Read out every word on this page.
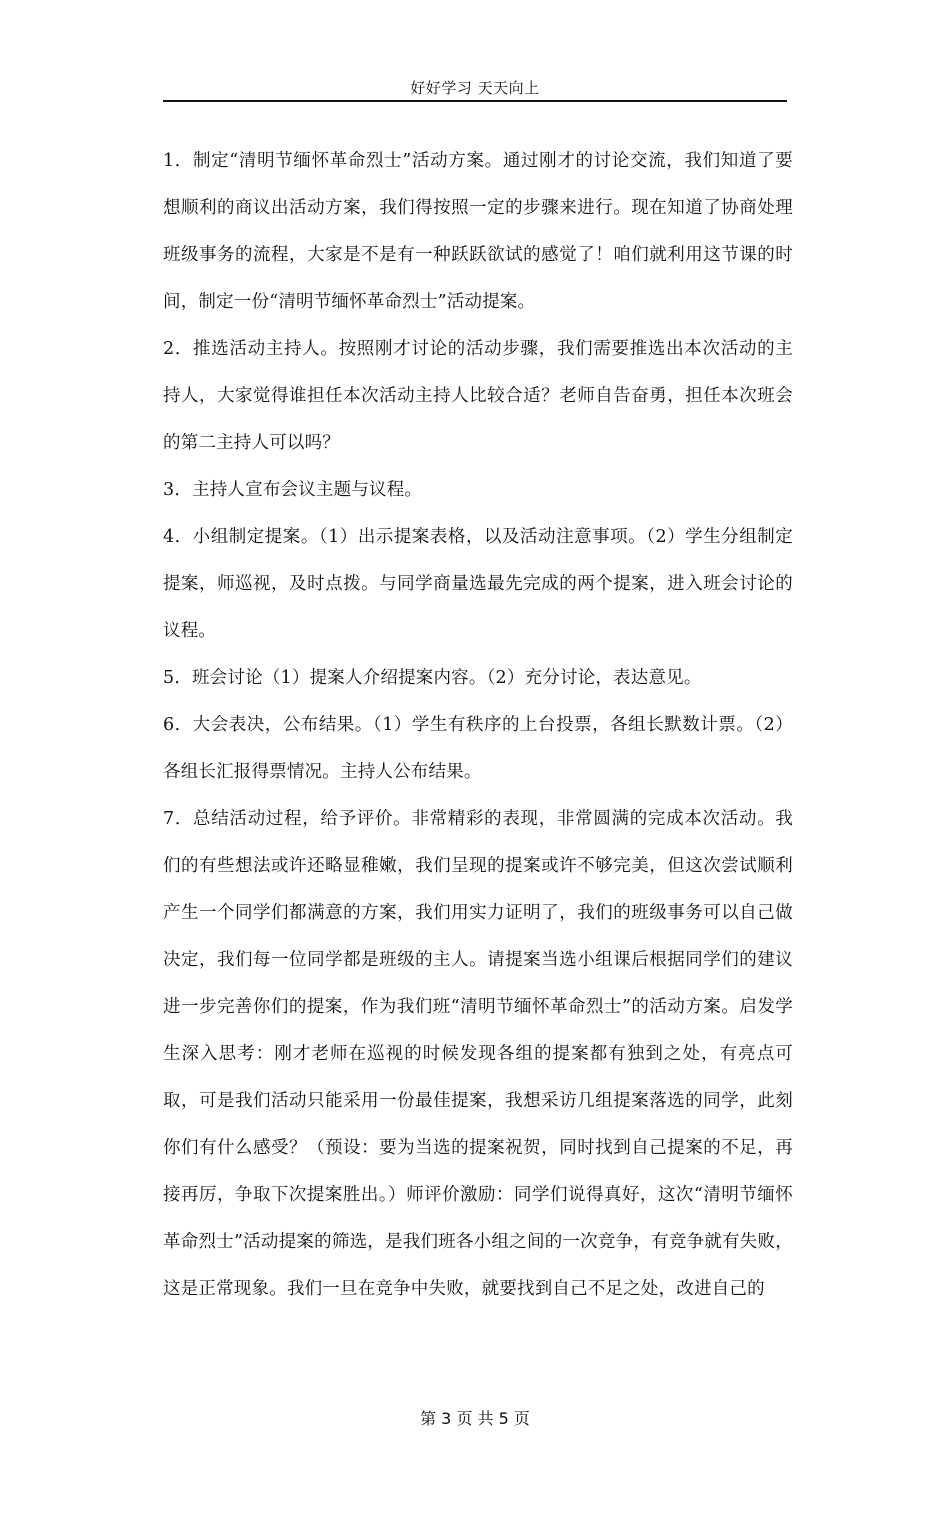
好好学习 天天向上

1．制定“清明节缅怀革命烈士”活动方案。通过刚才的讨论交流，我们知道了要想顺利的商议出活动方案，我们得按照一定的步骤来进行。现在知道了协商处理班级事务的流程，大家是不是有一种跃跃欲试的感觉了！咱们就利用这节课的时间，制定一份“清明节缅怀革命烈士”活动提案。

2．推选活动主持人。按照刚才讨论的活动步骤，我们需要推选出本次活动的主持人，大家觉得谁担任本次活动主持人比较合适？老师自告奋勇，担任本次班会的第二主持人可以吗？

3．主持人宣布会议主题与议程。

4．小组制定提案。（1）出示提案表格，以及活动注意事项。（2）学生分组制定提案，师巡视，及时点拨。与同学商量选最先完成的两个提案，进入班会讨论的议程。

5．班会讨论（1）提案人介绍提案内容。（2）充分讨论，表达意见。

6．大会表决，公布结果。（1）学生有秩序的上台投票，各组长默数计票。（2）各组长汇报得票情况。主持人公布结果。

7．总结活动过程，给予评价。非常精彩的表现，非常圆满的完成本次活动。我们的有些想法或许还略显稚嫩，我们呈现的提案或许不够完美，但这次尝试顺利产生一个同学们都满意的方案，我们用实力证明了，我们的班级事务可以自己做决定，我们每一位同学都是班级的主人。请提案当选小组课后根据同学们的建议进一步完善你们的提案，作为我们班“清明节缅怀革命烈士”的活动方案。启发学生深入思考：刚才老师在巡视的时候发现各组的提案都有独到之处，有亮点可取，可是我们活动只能采用一份最佳提案，我想采访几组提案落选的同学，此刻你们有什么感受？（预设：要为当选的提案祝贺，同时找到自己提案的不足，再接再厉，争取下次提案胜出。）师评价激励：同学们说得真好，这次“清明节缅怀革命烈士”活动提案的筛选，是我们班各小组之间的一次竞争，有竞争就有失败，这是正常现象。我们一旦在竞争中失败，就要找到自己不足之处，改进自己的

第 3 页 共 5 页
